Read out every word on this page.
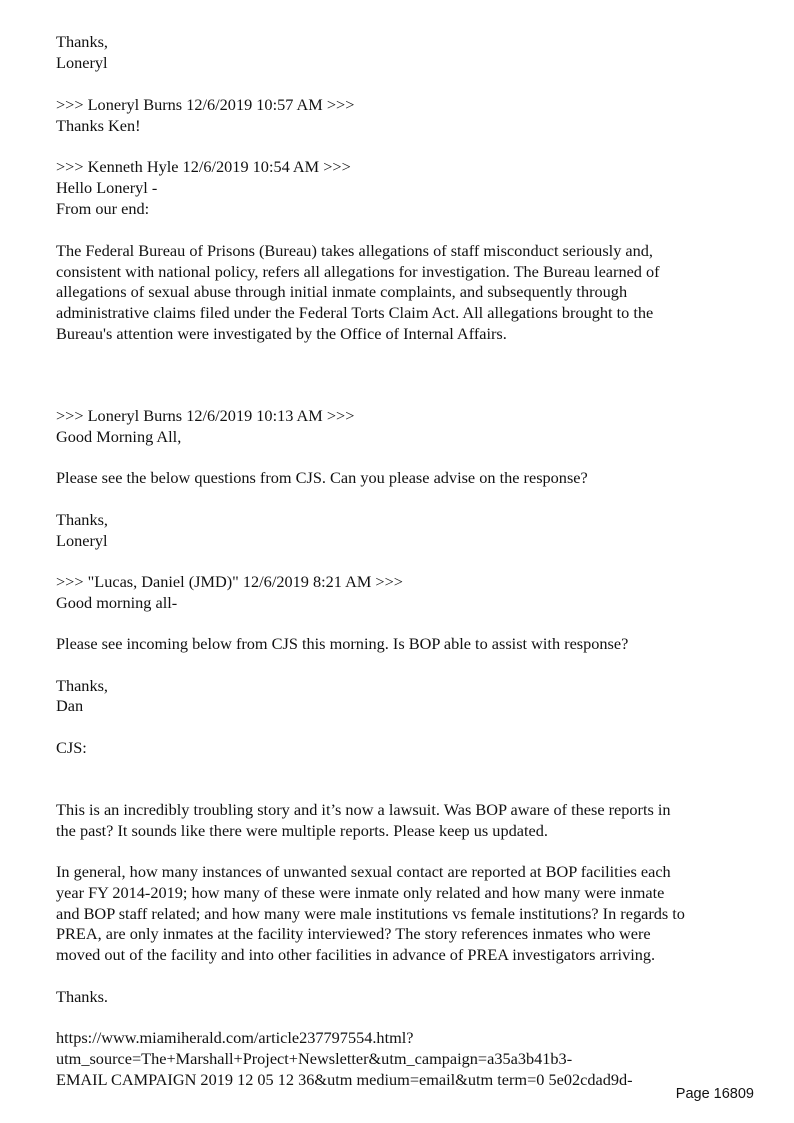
Thanks,
Loneryl
>>> Loneryl Burns 12/6/2019 10:57 AM >>>
Thanks Ken!
>>> Kenneth Hyle 12/6/2019 10:54 AM >>>
Hello Loneryl -
From our end:
The Federal Bureau of Prisons (Bureau) takes allegations of staff misconduct seriously and,
consistent with national policy, refers all allegations for investigation. The Bureau learned of
allegations of sexual abuse through initial inmate complaints, and subsequently through
administrative claims filed under the Federal Torts Claim Act. All allegations brought to the
Bureau's attention were investigated by the Office of Internal Affairs.
>>> Loneryl Burns 12/6/2019 10:13 AM >>>
Good Morning All,
Please see the below questions from CJS. Can you please advise on the response?
Thanks,
Loneryl
>>> "Lucas, Daniel (JMD)" 12/6/2019 8:21 AM >>>
Good morning all-
Please see incoming below from CJS this morning. Is BOP able to assist with response?
Thanks,
Dan
CJS:
This is an incredibly troubling story and it’s now a lawsuit. Was BOP aware of these reports in
the past? It sounds like there were multiple reports. Please keep us updated.
In general, how many instances of unwanted sexual contact are reported at BOP facilities each
year FY 2014-2019; how many of these were inmate only related and how many were inmate
and BOP staff related; and how many were male institutions vs female institutions? In regards to
PREA, are only inmates at the facility interviewed? The story references inmates who were
moved out of the facility and into other facilities in advance of PREA investigators arriving.
Thanks.
https://www.miamiherald.com/article237797554.html?
utm_source=The+Marshall+Project+Newsletter&utm_campaign=a35a3b41b3-
EMAIL CAMPAIGN 2019 12 05 12 36&utm medium=email&utm term=0 5e02cdad9d-
Page 16809
